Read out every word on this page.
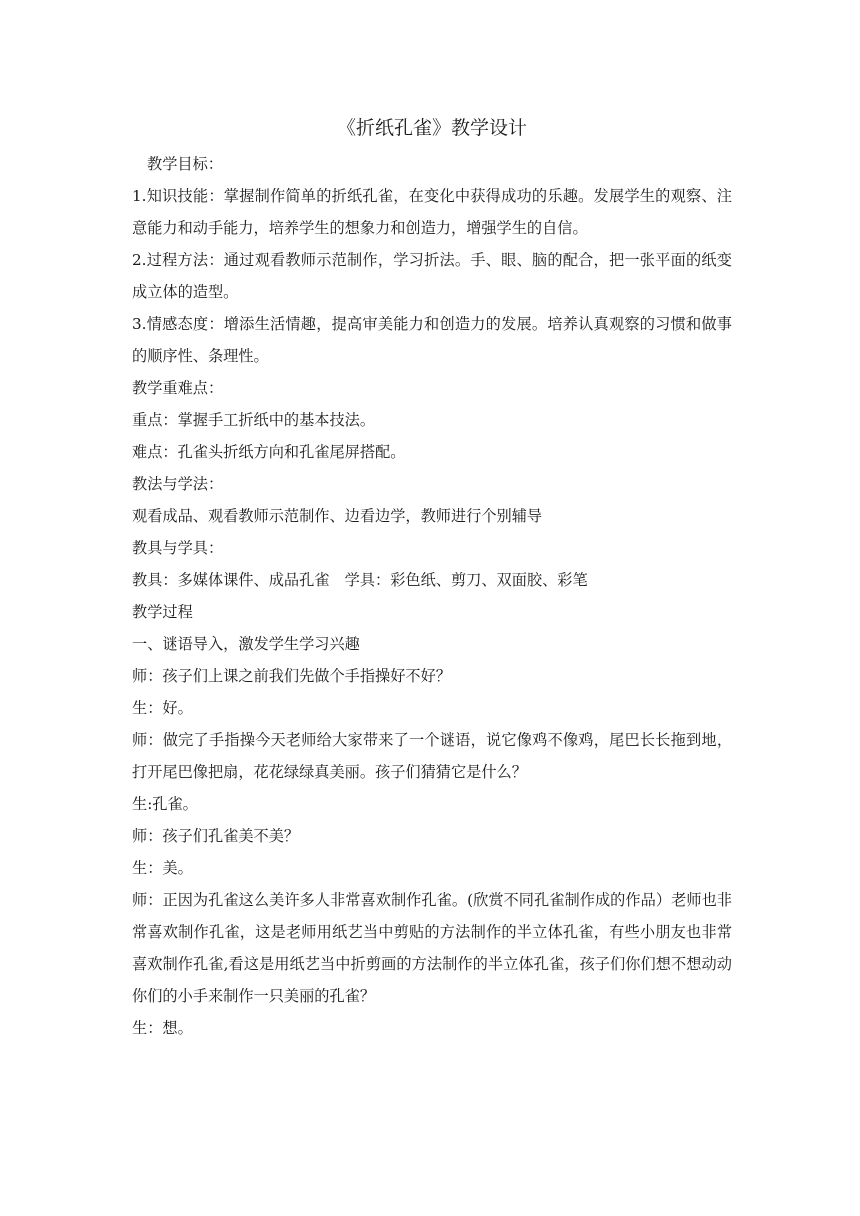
《折纸孔雀》教学设计

教学目标：

1.知识技能：掌握制作简单的折纸孔雀，在变化中获得成功的乐趣。发展学生的观察、注意能力和动手能力，培养学生的想象力和创造力，增强学生的自信。

2.过程方法：通过观看教师示范制作，学习折法。手、眼、脑的配合，把一张平面的纸变成立体的造型。

3.情感态度：增添生活情趣，提高审美能力和创造力的发展。培养认真观察的习惯和做事的顺序性、条理性。

教学重难点：

重点：掌握手工折纸中的基本技法。

难点：孔雀头折纸方向和孔雀尾屏搭配。

教法与学法：

观看成品、观看教师示范制作、边看边学，教师进行个别辅导

教具与学具：

教具：多媒体课件、成品孔雀　学具：彩色纸、剪刀、双面胶、彩笔

教学过程

一、谜语导入，激发学生学习兴趣

师：孩子们上课之前我们先做个手指操好不好？

生：好。

师：做完了手指操今天老师给大家带来了一个谜语，说它像鸡不像鸡，尾巴长长拖到地，打开尾巴像把扇，花花绿绿真美丽。孩子们猜猜它是什么？

生:孔雀。

师：孩子们孔雀美不美？

生：美。

师：正因为孔雀这么美许多人非常喜欢制作孔雀。(欣赏不同孔雀制作成的作品）老师也非常喜欢制作孔雀，这是老师用纸艺当中剪贴的方法制作的半立体孔雀，有些小朋友也非常喜欢制作孔雀,看这是用纸艺当中折剪画的方法制作的半立体孔雀，孩子们你们想不想动动你们的小手来制作一只美丽的孔雀？

生：想。
